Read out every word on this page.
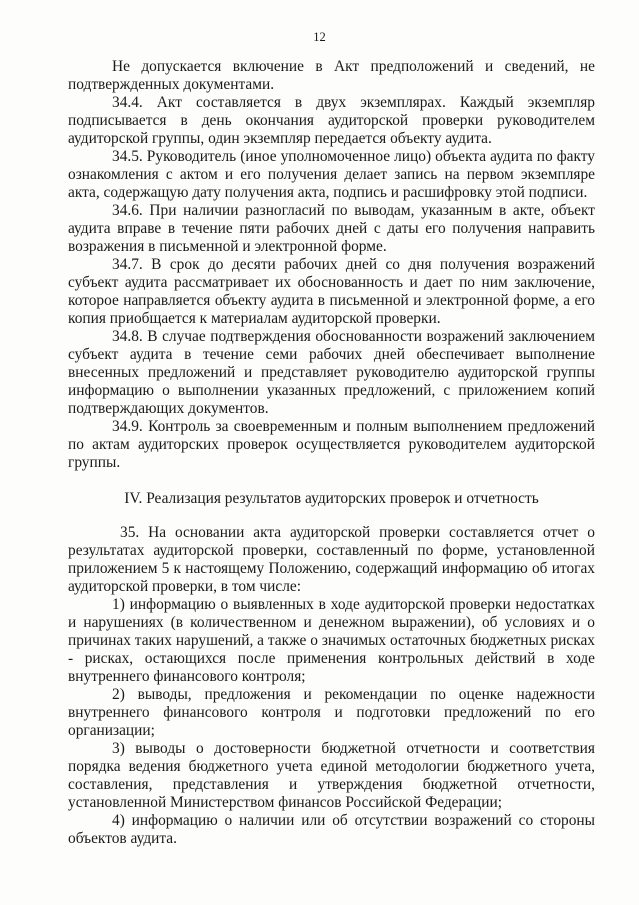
12

Не допускается включение в Акт предположений и сведений, не подтвержденных документами.

34.4. Акт составляется в двух экземплярах. Каждый экземпляр подписывается в день окончания аудиторской проверки руководителем аудиторской группы, один экземпляр передается объекту аудита.

34.5. Руководитель (иное уполномоченное лицо) объекта аудита по факту ознакомления с актом и его получения делает запись на первом экземпляре акта, содержащую дату получения акта, подпись и расшифровку этой подписи.

34.6. При наличии разногласий по выводам, указанным в акте, объект аудита вправе в течение пяти рабочих дней с даты его получения направить возражения в письменной и электронной форме.

34.7. В срок до десяти рабочих дней со дня получения возражений субъект аудита рассматривает их обоснованность и дает по ним заключение, которое направляется объекту аудита в письменной и электронной форме, а его копия приобщается к материалам аудиторской проверки.

34.8. В случае подтверждения обоснованности возражений заключением субъект аудита в течение семи рабочих дней обеспечивает выполнение внесенных предложений и представляет руководителю аудиторской группы информацию о выполнении указанных предложений, с приложением копий подтверждающих документов.

34.9. Контроль за своевременным и полным выполнением предложений по актам аудиторских проверок осуществляется руководителем аудиторской группы.

IV. Реализация результатов аудиторских проверок и отчетность

35. На основании акта аудиторской проверки составляется отчет о результатах аудиторской проверки, составленный по форме, установленной приложением 5 к настоящему Положению, содержащий информацию об итогах аудиторской проверки, в том числе:

1) информацию о выявленных в ходе аудиторской проверки недостатках и нарушениях (в количественном и денежном выражении), об условиях и о причинах таких нарушений, а также о значимых остаточных бюджетных рисках - рисках, остающихся после применения контрольных действий в ходе внутреннего финансового контроля;

2) выводы, предложения и рекомендации по оценке надежности внутреннего финансового контроля и подготовки предложений по его организации;

3) выводы о достоверности бюджетной отчетности и соответствия порядка ведения бюджетного учета единой методологии бюджетного учета, составления, представления и утверждения бюджетной отчетности, установленной Министерством финансов Российской Федерации;

4) информацию о наличии или об отсутствии возражений со стороны объектов аудита.
